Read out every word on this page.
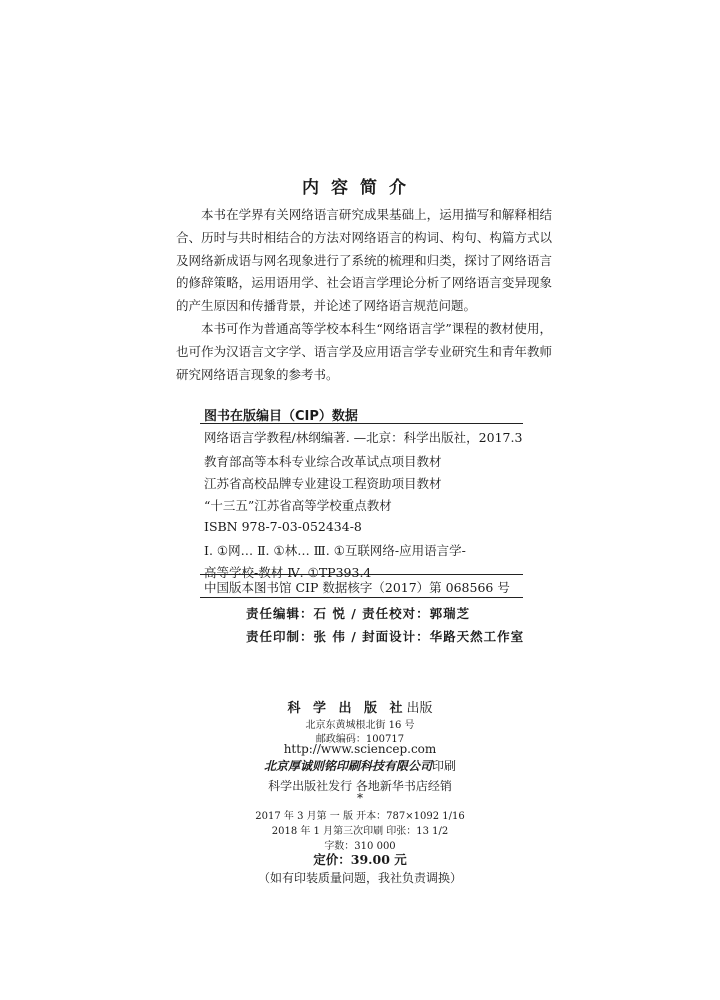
内容简介

本书在学界有关网络语言研究成果基础上，运用描写和解释相结合、历时与共时相结合的方法对网络语言的构词、构句、构篇方式以及网络新成语与网名现象进行了系统的梳理和归类，探讨了网络语言的修辞策略，运用语用学、社会语言学理论分析了网络语言变异现象的产生原因和传播背景，并论述了网络语言规范问题。

本书可作为普通高等学校本科生“网络语言学”课程的教材使用，也可作为汉语言文字学、语言学及应用语言学专业研究生和青年教师研究网络语言现象的参考书。

图书在版编目（CIP）数据
网络语言学教程/林纲编著. —北京：科学出版社，2017.3
教育部高等本科专业综合改革试点项目教材
江苏省高校品牌专业建设工程资助项目教材
“十三五”江苏省高等学校重点教材
ISBN 978-7-03-052434-8
Ⅰ. ①网… Ⅱ. ①林… Ⅲ. ①互联网络-应用语言学-
高等学校-教材 Ⅳ. ①TP393.4
中国版本图书馆 CIP 数据核字（2017）第 068566 号
责任编辑：石 悦 / 责任校对：郭瑞芝
责任印制：张 伟 / 封面设计：华路天然工作室
科 学 出 版 社出版
北京东黄城根北街 16 号
邮政编码：100717
http://www.sciencep.com
北京厚诚则铭印刷科技有限公司印刷
科学出版社发行 各地新华书店经销
*
2017 年 3 月第 一 版 开本：787×1092 1/16
2018 年 1 月第三次印刷 印张：13 1/2
字数：310 000
定价：39.00 元
（如有印装质量问题，我社负责调换）
